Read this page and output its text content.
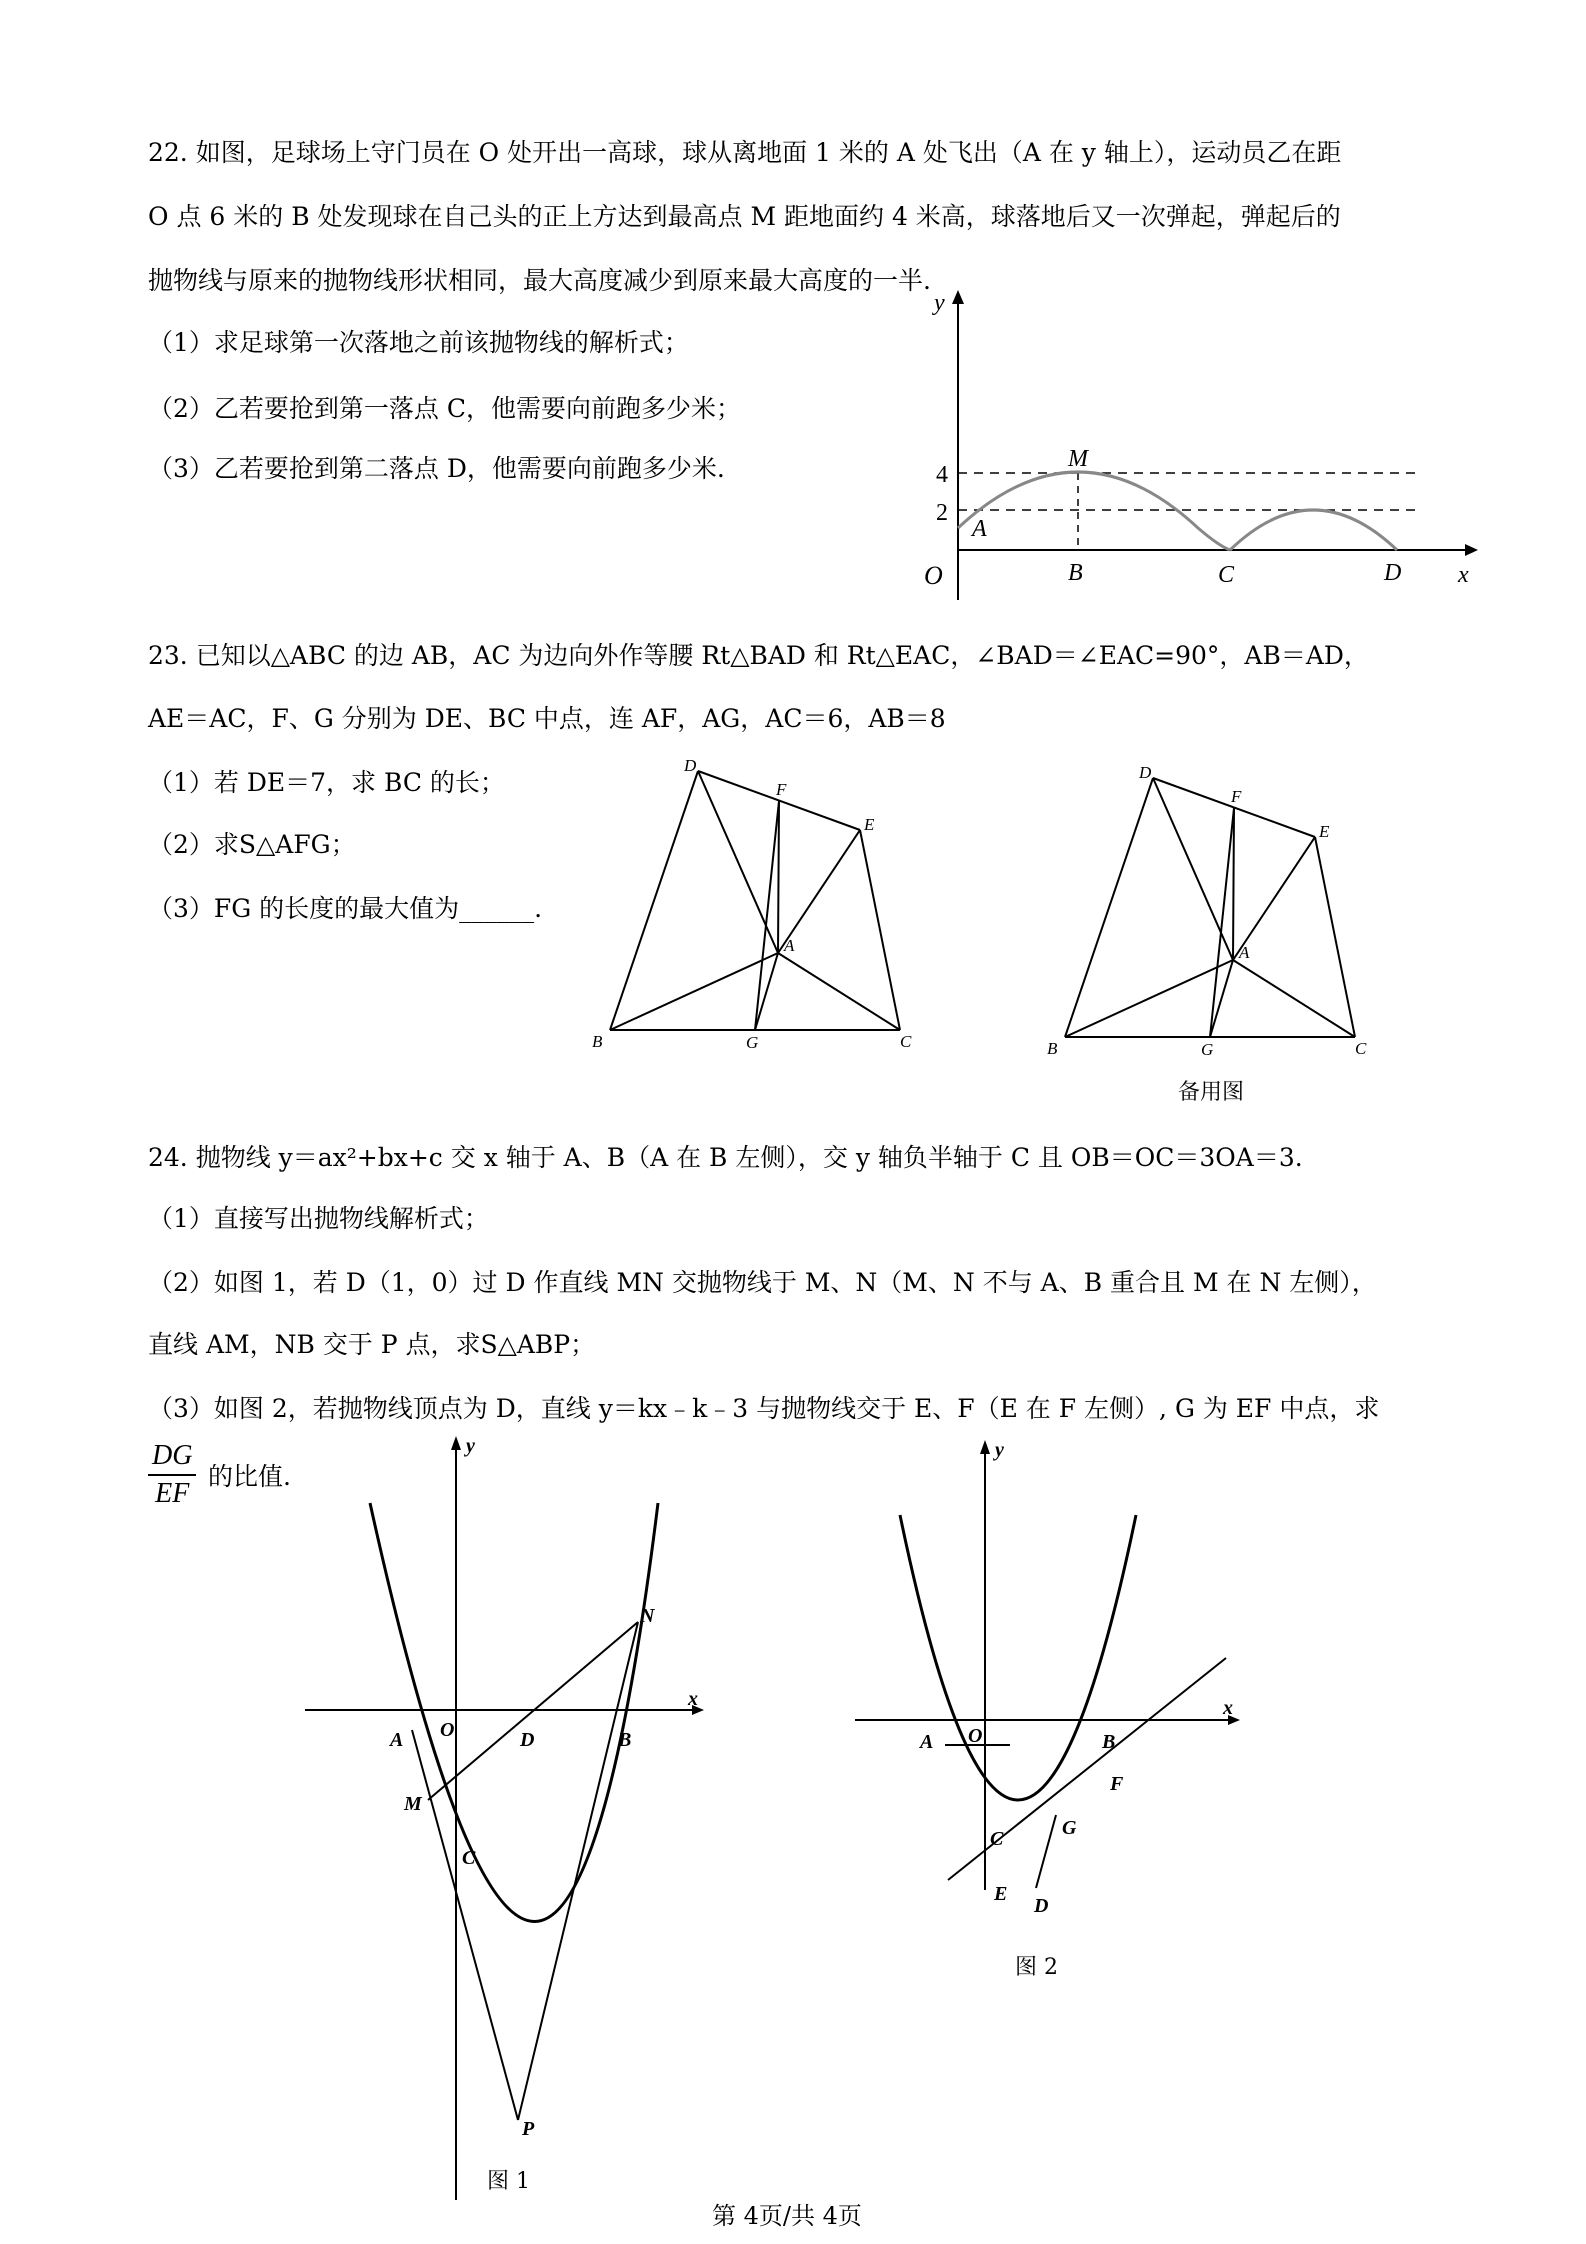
22. 如图，足球场上守门员在 O 处开出一高球，球从离地面 1 米的 A 处飞出（A 在 y 轴上），运动员乙在距
O 点 6 米的 B 处发现球在自己头的正上方达到最高点 M 距地面约 4 米高，球落地后又一次弹起，弹起后的
抛物线与原来的抛物线形状相同，最大高度减少到原来最大高度的一半.
（1）求足球第一次落地之前该抛物线的解析式；
（2）乙若要抢到第一落点 C，他需要向前跑多少米；
（3）乙若要抢到第二落点 D，他需要向前跑多少米.
y
x
O
4
2
A
B	C	D
M
23. 已知以△ABC 的边 AB，AC 为边向外作等腰 Rt△BAD 和 Rt△EAC，∠BAD＝∠EAC=90°，AB＝AD，
AE＝AC，F、G 分别为 DE、BC 中点，连 AF，AG，AC＝6，AB＝8
（1）若 DE＝7，求 BC 的长；
（2）求S△AFG；
（3）FG 的长度的最大值为______.
D
F
E
A
B	G	C
D
F
E
A
B	G	C
备用图
24. 抛物线 y＝ax²+bx+c 交 x 轴于 A、B（A 在 B 左侧），交 y 轴负半轴于 C 且 OB＝OC＝3OA＝3.
（1）直接写出抛物线解析式；
（2）如图 1，若 D（1，0）过 D 作直线 MN 交抛物线于 M、N（M、N 不与 A、B 重合且 M 在 N 左侧），
直线 AM，NB 交于 P 点，求S△ABP；
（3）如图 2，若抛物线顶点为 D，直线 y＝kx﹣k﹣3 与抛物线交于 E、F（E 在 F 左侧）, G 为 EF 中点，求
$\frac{DG}{EF}$ 的比值.
x
y
O
A	B
C
D
M
N
P
图 1
x
y
O
A	B
C
D
E
F
G
图 2
第 4页/共 4页
